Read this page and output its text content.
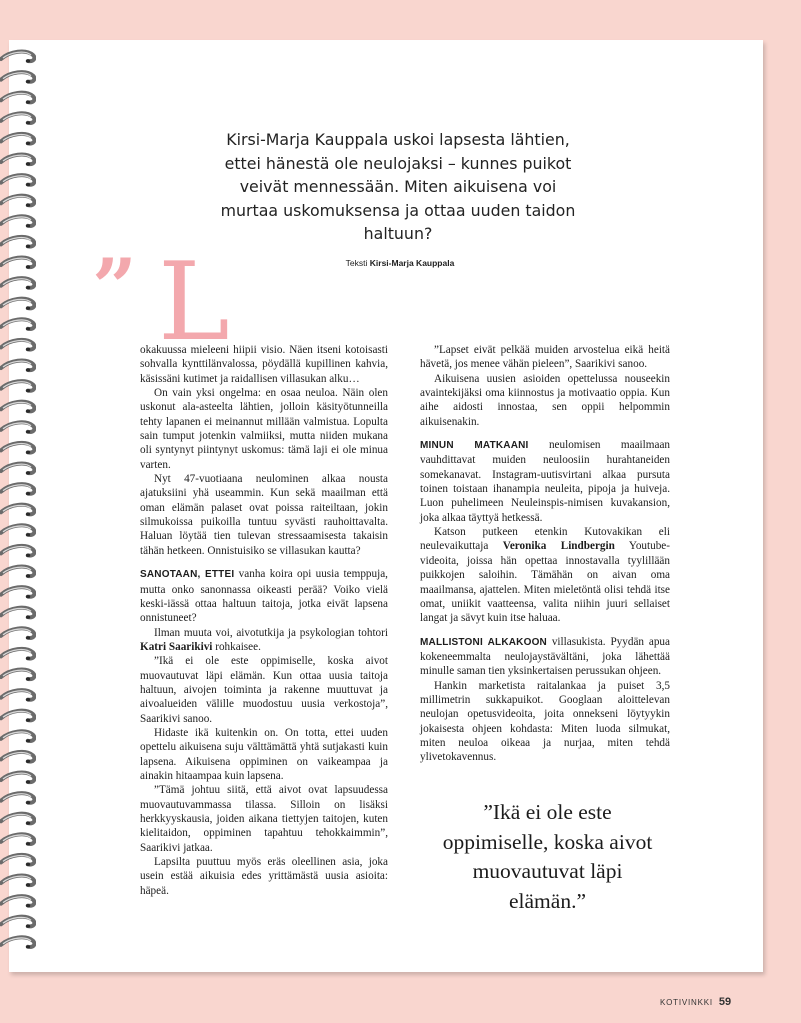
Kirsi-Marja Kauppala uskoi lapsesta lähtien, ettei hänestä ole neulojaksi – kunnes puikot veivät mennessään. Miten aikuisena voi murtaa uskomuksensa ja ottaa uuden taidon haltuun?
Teksti Kirsi-Marja Kauppala
” L

okakuussa mieleeni hiipii visio. Näen itseni kotoisasti sohvalla kynttilänvalossa, pöydällä kupillinen kahvia, käsissäni kutimet ja raidallisen villasukan alku…

On vain yksi ongelma: en osaa neuloa. Näin olen uskonut ala-asteelta lähtien, jolloin käsityötunneilla tehty lapanen ei meinannut millään valmistua. Lopulta sain tumput jotenkin valmiiksi, mutta niiden mukana oli syntynyt piintynyt uskomus: tämä laji ei ole minua varten.

Nyt 47-vuotiaana neulominen alkaa nousta ajatuksiini yhä useammin. Kun sekä maailman että oman elämän palaset ovat poissa raiteiltaan, jokin silmukoissa puikoilla tuntuu syvästi rauhoittavalta. Haluan löytää tien tulevan stressaamisesta takaisin tähän hetkeen. Onnistuisiko se villasukan kautta?

SANOTAAN, ETTEI vanha koira opi uusia temppuja, mutta onko sanonnassa oikeasti perää? Voiko vielä keski-iässä ottaa haltuun taitoja, jotka eivät lapsena onnistuneet?

Ilman muuta voi, aivotutkija ja psykologian tohtori Katri Saarikivi rohkaisee.

”Ikä ei ole este oppimiselle, koska aivot muovautuvat läpi elämän. Kun ottaa uusia taitoja haltuun, aivojen toiminta ja rakenne muuttuvat ja aivoalueiden välille muodostuu uusia verkostoja”, Saarikivi sanoo.

Hidaste ikä kuitenkin on. On totta, ettei uuden opettelu aikuisena suju välttämättä yhtä sutjakasti kuin lapsena. Aikuisena oppiminen on vaikeampaa ja ainakin hitaampaa kuin lapsena.

”Tämä johtuu siitä, että aivot ovat lapsuudessa muovautuvammassa tilassa. Silloin on lisäksi herkkyyskausia, joiden aikana tiettyjen taitojen, kuten kielitaidon, oppiminen tapahtuu tehokkaimmin”, Saarikivi jatkaa.

Lapsilta puuttuu myös eräs oleellinen asia, joka usein estää aikuisia edes yrittämästä uusia asioita: häpeä.

”Lapset eivät pelkää muiden arvostelua eikä heitä hävetä, jos menee vähän pieleen”, Saarikivi sanoo.

Aikuisena uusien asioiden opettelussa nouseekin avaintekijäksi oma kiinnostus ja motivaatio oppia. Kun aihe aidosti innostaa, sen oppii helpommin aikuisenakin.

MINUN MATKAANI neulomisen maailmaan vauhdittavat muiden neuloosiin hurahtaneiden somekanavat. Instagram-uutisvirtani alkaa pursuta toinen toistaan ihanampia neuleita, pipoja ja huiveja. Luon puhelimeen Neuleinspis-nimisen kuvakansion, joka alkaa täyttyä hetkessä.

Katson putkeen etenkin Kutovakikan eli neulevaikuttaja Veronika Lindbergin Youtube-videoita, joissa hän opettaa innostavalla tyylillään puikkojen saloihin. Tämähän on aivan oma maailmansa, ajattelen. Miten mieletöntä olisi tehdä itse omat, uniikit vaatteensa, valita niihin juuri sellaiset langat ja sävyt kuin itse haluaa.

MALLISTONI ALKAKOON villasukista. Pyydän apua kokeneemmalta neulojaystävältäni, joka lähettää minulle saman tien yksinkertaisen perussukan ohjeen.

Hankin marketista raitalankaa ja puiset 3,5 millimetrin sukkapuikot. Googlaan aloittelevan neulojan opetusvideoita, joita onnekseni löytyykin jokaisesta ohjeen kohdasta: Miten luoda silmukat, miten neuloa oikeaa ja nurjaa, miten tehdä ylivetokavennus.

”Ikä ei ole este oppimiselle, koska aivot muovautuvat läpi elämän.”
KOTIVINKKI 59
